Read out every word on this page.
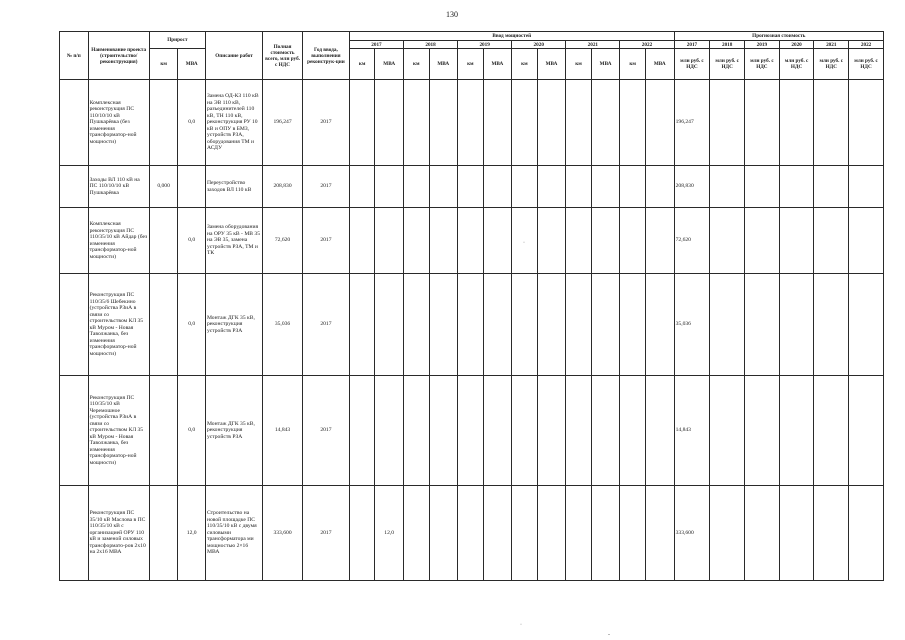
130
№ п/п	Наименование проекта (строительство/ реконструкция)	Прирост		Описание работ	Полная стоимость всего, млн руб. с НДС	Год ввода, выполнения реконструк-ции	Ввод мощностей												Прогнозная стоимость					
							2017		2018		2019		2020		2021		2022		2017	2018	2019	2020	2021	2022
		км	МВА				км	МВА	км	МВА	км	МВА	км	МВА	км	МВА	км	МВА	млн руб. с НДС	млн руб. с НДС	млн руб. с НДС	млн руб. с НДС	млн руб. с НДС	млн руб. с НДС
	Комплексная реконструкция ПС 110/10/10 кВ Пушкарёвка (без изменения трансформатор-ной мощности)		0,0	Замена ОД-КЗ 110 кВ на ЭВ 110 кВ, разъединителей 110 кВ, ТН 110 кВ, реконструкция РУ 10 кВ и ОПУ в БМЗ, устройств РЗА, оборудования ТМ и АСДУ	196,247	2017													196,247					
	Заходы ВЛ 110 кВ на ПС 110/10/10 кВ Пушкарёвка	0,000		Переустройство заходов ВЛ 110 кВ	208,830	2017													208,830					
	Комплексная реконструкция ПС 110/35/10 кВ Айдар (без изменения трансформатор-ной мощности)		0,0	Замена оборудования на ОРУ 35 кВ - МВ 35 на ЭВ 35, замена устройств РЗА, ТМ и ТК	72,620	2017													72,620					
	Реконструкция ПС 110/35/6 Шебекино (устройства РЗиА в связи со строительством КЛ 35 кВ Муром - Новая Таволжанка, без изменения трансформатор-ной мощности)		0,0	Монтаж ДГК 35 кВ, реконструкция устройств РЗА	35,036	2017													35,036					
	Реконструкция ПС 110/35/10 кВ Черемошное (устройства РЗиА в связи со строительством КЛ 35 кВ Муром - Новая Таволжанка, без изменения трансформатор-ной мощности)		0,0	Монтаж ДГК 35 кВ, реконструкция устройств РЗА	14,843	2017													14,843					
	Реконструкция ПС 35/10 кВ Маслова в ПС 110/35/10 кВ с организацией ОРУ 110 кВ и заменой силовых трансформато-ров 2х10 на 2х16 МВА		12,0	Строительство на новой площадке ПС 110/35/10 кВ с двумя силовыми трансформатора ми мощностью 2×16 МВА	333,600	2017		12,0											333,600					
·
·
-
